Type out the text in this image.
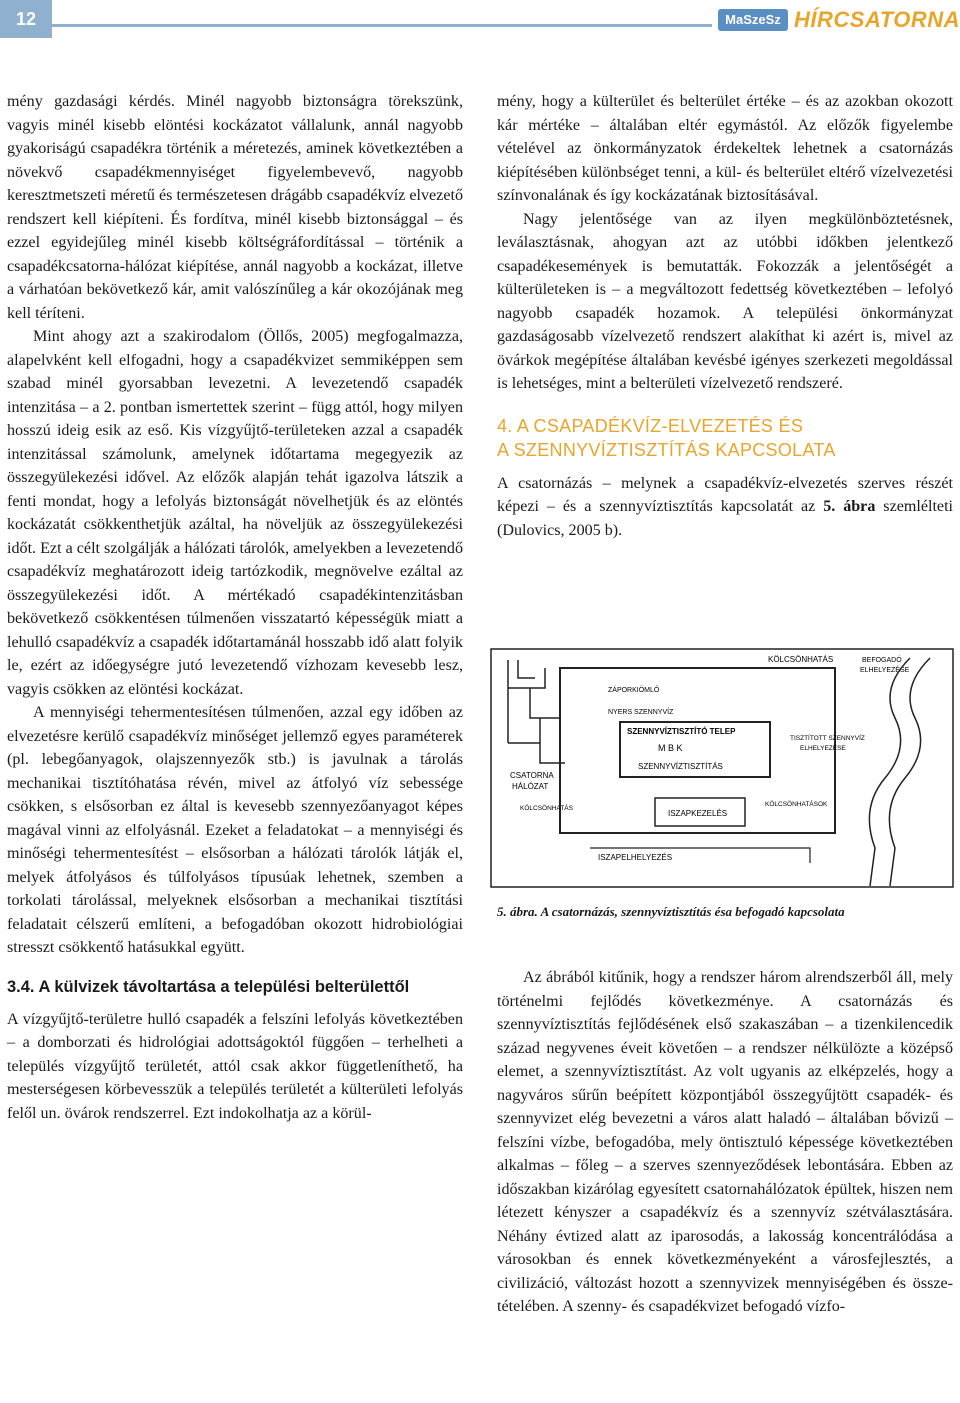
12	MaSzeSz HÍRCSATORNA

mény gazdasági kérdés. Minél nagyobb biztonságra törekszünk, vagyis minél kisebb elöntési kockázatot vállalunk, annál nagyobb gyakoriságú csapadékra történik a méretezés, aminek következtében a növekvő csapadékmennyiséget figyelembevevő, nagyobb keresztmetszeti méretű és természetesen drágább csapadékvíz elvezető rendszert kell kiépíteni. És fordítva, minél kisebb biztonsággal – és ezzel egyidejűleg minél kisebb költségráfordítással – történik a csapadékcsatorna-hálózat kiépítése, annál nagyobb a kockázat, illetve a várhatóan bekövetkező kár, amit valószínűleg a kár okozójának meg kell téríteni.

Mint ahogy azt a szakirodalom (Öllős, 2005) megfogalmazza, alapelvként kell elfogadni, hogy a csapadékvizet semmiképpen sem szabad minél gyorsabban levezetni. A levezetendő csapadék intenzitása – a 2. pontban ismertettek szerint – függ attól, hogy milyen hosszú ideig esik az eső. Kis vízgyűjtő-területeken azzal a csapadék intenzitással számolunk, amelynek időtartama megegyezik az összegyülekezési idővel. Az előzők alapján tehát igazolva látszik a fenti mondat, hogy a lefolyás biztonságát növelhetjük és az elöntés kockázatát csökkenthetjük azáltal, ha növeljük az összegyülekezési időt. Ezt a célt szolgálják a hálózati tárolók, amelyekben a levezetendő csapadékvíz meghatározott ideig tartózkodik, megnövelve ezáltal az összegyülekezési időt. A mértékadó csapadékintenzitásban bekövetkező csökkentésen túlmenően visszatartó képességük miatt a lehulló csapadékvíz a csapadék időtartamánál hosszabb idő alatt folyik le, ezért az időegységre jutó levezetendő vízhozam kevesebb lesz, vagyis csökken az elöntési kockázat.

A mennyiségi tehermentesítésen túlmenően, azzal egy időben az elvezetésre kerülő csapadékvíz minőséget jellemző egyes paraméterek (pl. lebegőanyagok, olajszennyezők stb.) is javulnak a tárolás mechanikai tisztítóhatása révén, mivel az átfolyó víz sebessége csökken, s elsősorban ez által is kevesebb szennyezőanyagot képes magával vinni az elfolyásnál. Ezeket a feladatokat – a mennyiségi és minőségi tehermentesítést – elsősorban a hálózati tárolók látják el, melyek átfolyásos és túlfolyásos típusúak lehetnek, szemben a torkolati tárolással, melyeknek elsősorban a mechanikai tisztítási feladatait célszerű említeni, a befogadóban okozott hidrobiológiai stresszt csökkentő hatásukkal együtt.

3.4. A külvizek távoltartása a települési belterülettől

A vízgyűjtő-területre hulló csapadék a felszíni lefolyás következtében – a domborzati és hidrológiai adottságoktól függően – terhelheti a település vízgyűjtő területét, attól csak akkor függetleníthető, ha mesterségesen körbevesszük a település területét a külterületi lefolyás felől un. övárok rendszerrel. Ezt indokolhatja az a körül-

mény, hogy a külterület és belterület értéke – és az azokban okozott kár mértéke – általában eltér egymástól. Az előzők figyelembe vételével az önkormányzatok érdekeltek lehetnek a csatornázás kiépítésében különbséget tenni, a kül- és belterület eltérő vízelvezetési színvonalának és így kockázatának biztosításával.

Nagy jelentősége van az ilyen megkülönböztetésnek, leválasztásnak, ahogyan azt az utóbbi időkben jelentkező csapadékesemények is bemutatták. Fokozzák a jelentőségét a külterületeken is – a megváltozott fedettség következtében – lefolyó nagyobb csapadék hozamok. A települési önkormányzat gazdaságosabb vízelvezető rendszert alakíthat ki azért is, mivel az övárkok megépítése általában kevésbé igényes szerkezeti megoldással is lehetséges, mint a belterületi vízelvezető rendszeré.

4. A CSAPADÉKVÍZ-ELVEZETÉS ÉS
A SZENNYVÍZTISZTÍTÁS KAPCSOLATA

A csatornázás – melynek a csapadékvíz-elvezetés szerves részét képezi – és a szennyvíztisztítás kapcsolatát az 5. ábra szemlélteti (Dulovics, 2005 b).

KÖLCSÖNHATÁS	BEFOGADÓ
ELHELYEZÉSE
ZÁPORKIÖMLŐ
NYERS SZENNYVÍZ
SZENNYVÍZTISZTÍTÓ TELEP
M B K
SZENNYVÍZTISZTÍTÁS
TISZTÍTOTT SZENNYVÍZ
ELHELYEZÉSE
CSATORNA
HÁLÓZAT
KÖLCSÖNHATÁS
KÖLCSÖNHATÁSOK
ISZAPKEZELÉS
ISZAPELHELYEZÉS
5. ábra. A csatornázás, szennyvíztisztítás ésa befogadó kapcsolata

Az ábrából kitűnik, hogy a rendszer három alrendszerből áll, mely történelmi fejlődés következménye. A csatornázás és szennyvíztisztítás fejlődésének első szakaszában – a tizenkilencedik század negyvenes éveit követően – a rendszer nélkülözte a középső elemet, a szennyvíztisztítást. Az volt ugyanis az elképzelés, hogy a nagyváros sűrűn beépített központjából összegyűjtött csapadék- és szennyvizet elég bevezetni a város alatt haladó – általában bővizű – felszíni vízbe, befogadóba, mely öntisztuló képessége következtében alkalmas – főleg – a szerves szennyeződések lebontására. Ebben az időszakban kizárólag egyesített csatornahálózatok épültek, hiszen nem létezett kényszer a csapadékvíz és a szennyvíz szétválasztására. Néhány évtized alatt az iparosodás, a lakosság koncentrálódása a városokban és ennek következményeként a városfejlesztés, a civilizáció, változást hozott a szennyvizek mennyiségében és összetételében. A szenny- és csapadékvizet befogadó vízfo-
